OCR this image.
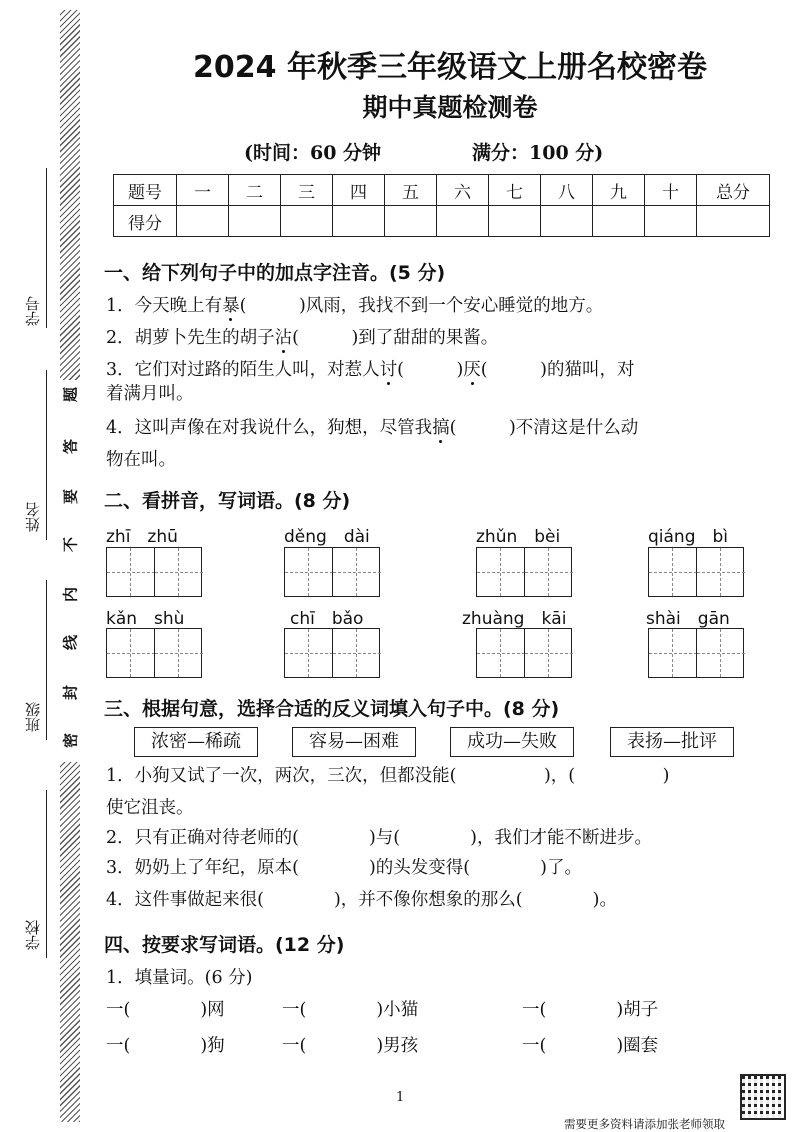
学号
姓名
班级
学校
题
答
要
不
内
线
封
密
2024 年秋季三年级语文上册名校密卷
期中真题检测卷
(时间：60 分钟	满分：100 分)
题号	一	二	三	四	五	六	七	八	九	十	总分
得分											
一、给下列句子中的加点字注音。(5 分)
1．今天晚上有暴(　　　)风雨，我找不到一个安心睡觉的地方。
2．胡萝卜先生的胡子沾(　　　)到了甜甜的果酱。
3．它们对过路的陌生人叫，对惹人讨(　　　)厌(　　　)的猫叫，对
着满月叫。
4．这叫声像在对我说什么，狗想，尽管我搞(　　　)不清这是什么动
物在叫。
二、看拼音，写词语。(8 分)
zhī　zhū	děng　dài	zhǔn　bèi	qiáng　bì
kǎn　shù	chī　bǎo	zhuàng　kāi	shài　gān
三、根据句意，选择合适的反义词填入句子中。(8 分)
浓密—稀疏	容易—困难	成功—失败	表扬—批评
1．小狗又试了一次，两次，三次，但都没能(　　　　　)，(　　　　　)
使它沮丧。
2．只有正确对待老师的(　　　　)与(　　　　)，我们才能不断进步。
3．奶奶上了年纪，原本(　　　　)的头发变得(　　　　)了。
4．这件事做起来很(　　　　)，并不像你想象的那么(　　　　)。
四、按要求写词语。(12 分)
1．填量词。(6 分)
一(　　　　)网	一(　　　　)小猫	一(　　　　)胡子
一(　　　　)狗	一(　　　　)男孩	一(　　　　)圈套
1
需要更多资料请添加张老师领取
